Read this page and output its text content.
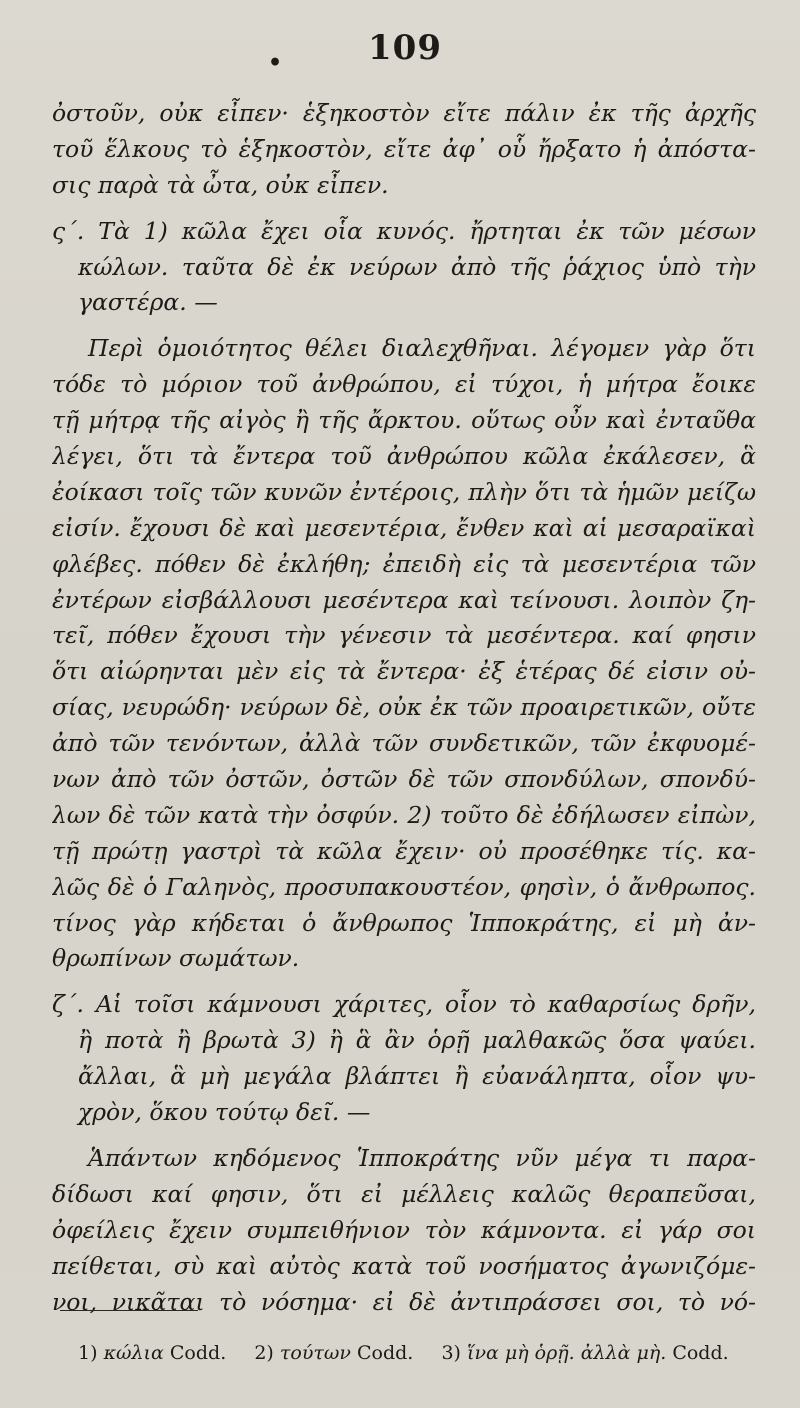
•	109
ὀστοῦν, οὐκ εἶπεν· ἑξηκοστὸν εἴτε πάλιν ἐκ τῆς ἀρχῆς
τοῦ ἕλκους τὸ ἑξηκοστὸν, εἴτε ἀφ᾽ οὗ ἤρξατο ἡ ἀπόστα-
σις παρὰ τὰ ὦτα, οὐκ εἶπεν.
ς΄. Τὰ 1) κῶλα ἔχει οἷα κυνός. ἤρτηται ἐκ τῶν μέσων
κώλων. ταῦτα δὲ ἐκ νεύρων ἀπὸ τῆς ῥάχιος ὑπὸ τὴν
γαστέρα. —
Περὶ ὁμοιότητος θέλει διαλεχθῆναι. λέγομεν γὰρ ὅτι
τόδε τὸ μόριον τοῦ ἀνθρώπου, εἰ τύχοι, ἡ μήτρα ἔοικε
τῇ μήτρᾳ τῆς αἰγὸς ἢ τῆς ἄρκτου. οὕτως οὖν καὶ ἐνταῦθα
λέγει, ὅτι τὰ ἔντερα τοῦ ἀνθρώπου κῶλα ἐκάλεσεν, ἃ
ἐοίκασι τοῖς τῶν κυνῶν ἐντέροις, πλὴν ὅτι τὰ ἡμῶν μείζω
εἰσίν. ἔχουσι δὲ καὶ μεσεντέρια, ἔνθεν καὶ αἱ μεσαραϊκαὶ
φλέβες. πόθεν δὲ ἐκλήθη; ἐπειδὴ εἰς τὰ μεσεντέρια τῶν
ἐντέρων εἰσβάλλουσι μεσέντερα καὶ τείνουσι. λοιπὸν ζη-
τεῖ, πόθεν ἔχουσι τὴν γένεσιν τὰ μεσέντερα. καί φησιν
ὅτι αἰώρηνται μὲν εἰς τὰ ἔντερα· ἐξ ἑτέρας δέ εἰσιν οὐ-
σίας, νευρώδη· νεύρων δὲ, οὐκ ἐκ τῶν προαιρετικῶν, οὔτε
ἀπὸ τῶν τενόντων, ἀλλὰ τῶν συνδετικῶν, τῶν ἐκφυομέ-
νων ἀπὸ τῶν ὀστῶν, ὀστῶν δὲ τῶν σπονδύλων, σπονδύ-
λων δὲ τῶν κατὰ τὴν ὀσφύν. 2) τοῦτο δὲ ἐδήλωσεν εἰπὼν,
τῇ πρώτῃ γαστρὶ τὰ κῶλα ἔχειν· οὐ προσέθηκε τίς. κα-
λῶς δὲ ὁ Γαληνὸς, προσυπακουστέον, φησὶν, ὁ ἄνθρωπος.
τίνος γὰρ κήδεται ὁ ἄνθρωπος Ἱπποκράτης, εἰ μὴ ἀν-
θρωπίνων σωμάτων.
ζ΄. Αἱ τοῖσι κάμνουσι χάριτες, οἷον τὸ καθαρσίως δρῆν,
ἢ ποτὰ ἢ βρωτὰ 3) ἢ ἃ ἂν ὁρῇ μαλθακῶς ὅσα ψαύει.
ἄλλαι, ἃ μὴ μεγάλα βλάπτει ἢ εὐανάληπτα, οἷον ψυ-
χρὸν, ὅκου τούτῳ δεῖ. —
Ἁπάντων κηδόμενος Ἱπποκράτης νῦν μέγα τι παρα-
δίδωσι καί φησιν, ὅτι εἰ μέλλεις καλῶς θεραπεῦσαι,
ὀφείλεις ἔχειν συμπειθήνιον τὸν κάμνοντα. εἰ γάρ σοι
πείθεται, σὺ καὶ αὐτὸς κατὰ τοῦ νοσήματος ἀγωνιζόμε-
νοι, νικᾶται τὸ νόσημα· εἰ δὲ ἀντιπράσσει σοι, τὸ νό-
1) κώλια Codd. 2) τούτων Codd. 3) ἵνα μὴ ὁρῇ. ἀλλὰ μὴ. Codd.
